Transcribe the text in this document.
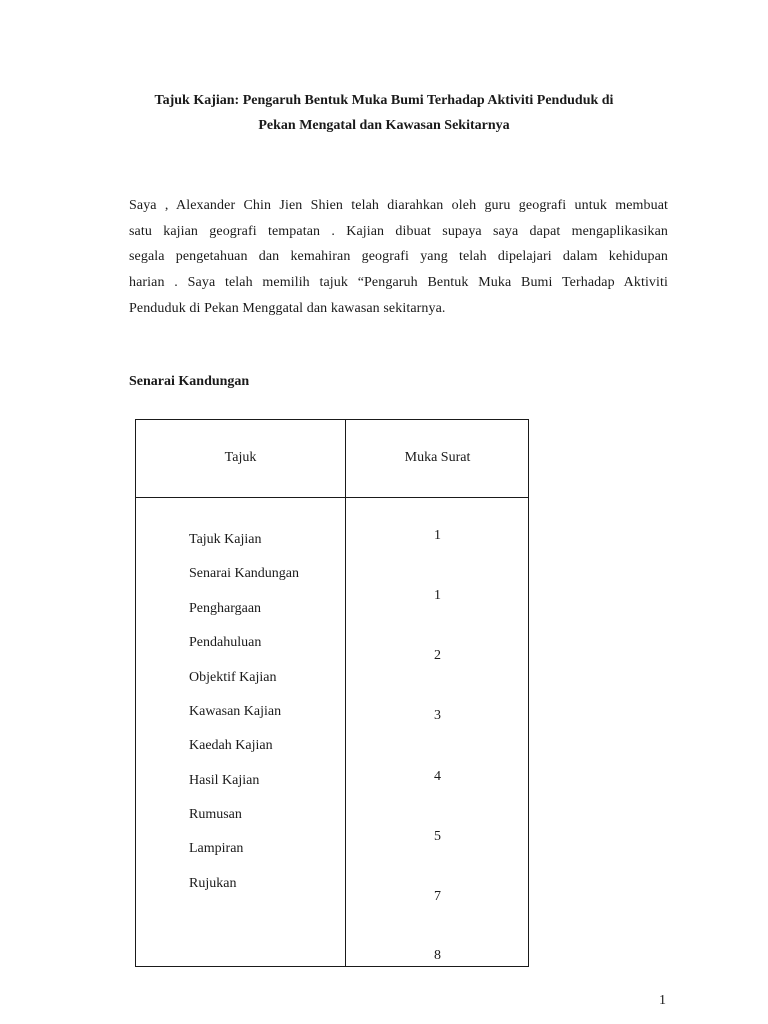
Tajuk Kajian: Pengaruh Bentuk Muka Bumi Terhadap Aktiviti Penduduk di
Pekan Mengatal dan Kawasan Sekitarnya
Saya , Alexander Chin Jien Shien telah diarahkan oleh guru geografi untuk membuat
satu kajian geografi tempatan . Kajian dibuat supaya saya dapat mengaplikasikan
segala pengetahuan dan kemahiran geografi yang telah dipelajari dalam kehidupan
harian . Saya telah memilih tajuk “Pengaruh Bentuk Muka Bumi Terhadap Aktiviti
Penduduk di Pekan Menggatal dan kawasan sekitarnya.
Senarai Kandungan
Tajuk	Muka Surat
Tajuk Kajian
Senarai Kandungan
Penghargaan
Pendahuluan
Objektif Kajian
Kawasan Kajian
Kaedah Kajian
Hasil Kajian
Rumusan
Lampiran
Rujukan
1
1
2
3
4
5
7
8
1
